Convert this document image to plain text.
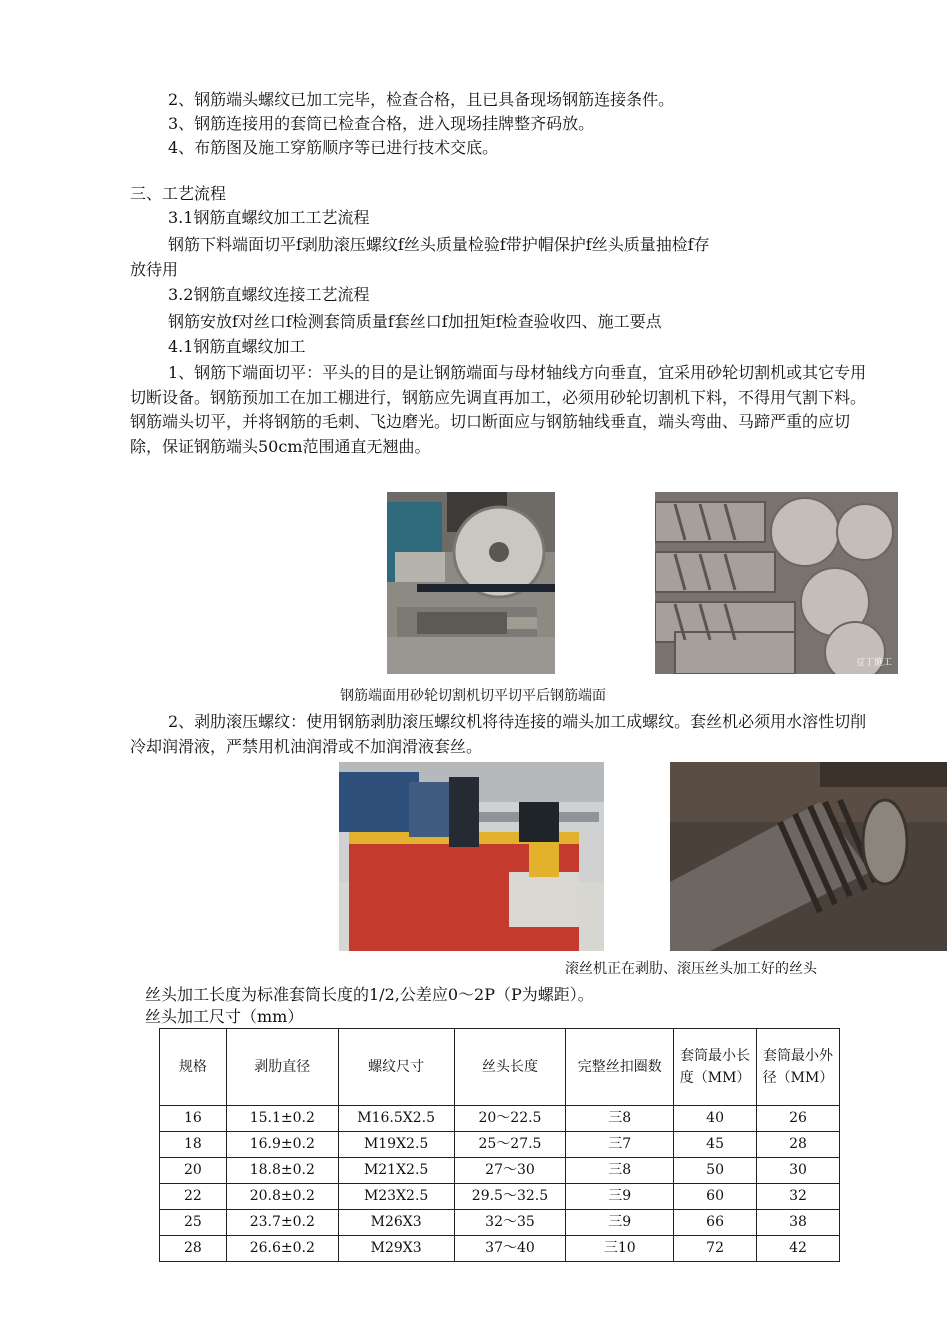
2、钢筋端头螺纹已加工完毕，检查合格，且已具备现场钢筋连接条件。
3、钢筋连接用的套筒已检查合格，进入现场挂牌整齐码放。
4、布筋图及施工穿筋顺序等已进行技术交底。
三、工艺流程
3.1钢筋直螺纹加工工艺流程
钢筋下料端面切平f剥肋滚压螺纹f丝头质量检验f带护帽保护f丝头质量抽检f存
放待用
3.2钢筋直螺纹连接工艺流程
钢筋安放f对丝口f检测套筒质量f套丝口f加扭矩f检查验收四、施工要点
4.1钢筋直螺纹加工
1、钢筋下端面切平：平头的目的是让钢筋端面与母材轴线方向垂直，宜采用砂轮切割机或其它专用切断设备。钢筋预加工在加工棚进行，钢筋应先调直再加工，必须用砂轮切割机下料，不得用气割下料。钢筋端头切平，并将钢筋的毛刺、飞边磨光。切口断面应与钢筋轴线垂直，端头弯曲、马蹄严重的应切除，保证钢筋端头50cm范围通直无翘曲。
豆丁施工
钢筋端面用砂轮切割机切平切平后钢筋端面
2、剥肋滚压螺纹：使用钢筋剥肋滚压螺纹机将待连接的端头加工成螺纹。套丝机必须用水溶性切削冷却润滑液，严禁用机油润滑或不加润滑液套丝。
滚丝机正在剥肋、滚压丝头加工好的丝头
丝头加工长度为标准套筒长度的1/2,公差应0〜2P（P为螺距）。
丝头加工尺寸（mm）
规格	剥肋直径	螺纹尺寸	丝头长度	完整丝扣圈数	套筒最小长度（MM）	套筒最小外径（MM）
16	15.1±0.2	M16.5X2.5	20〜22.5	三8	40	26
18	16.9±0.2	M19X2.5	25〜27.5	三7	45	28
20	18.8±0.2	M21X2.5	27〜30	三8	50	30
22	20.8±0.2	M23X2.5	29.5〜32.5	三9	60	32
25	23.7±0.2	M26X3	32〜35	三9	66	38
28	26.6±0.2	M29X3	37〜40	三10	72	42
